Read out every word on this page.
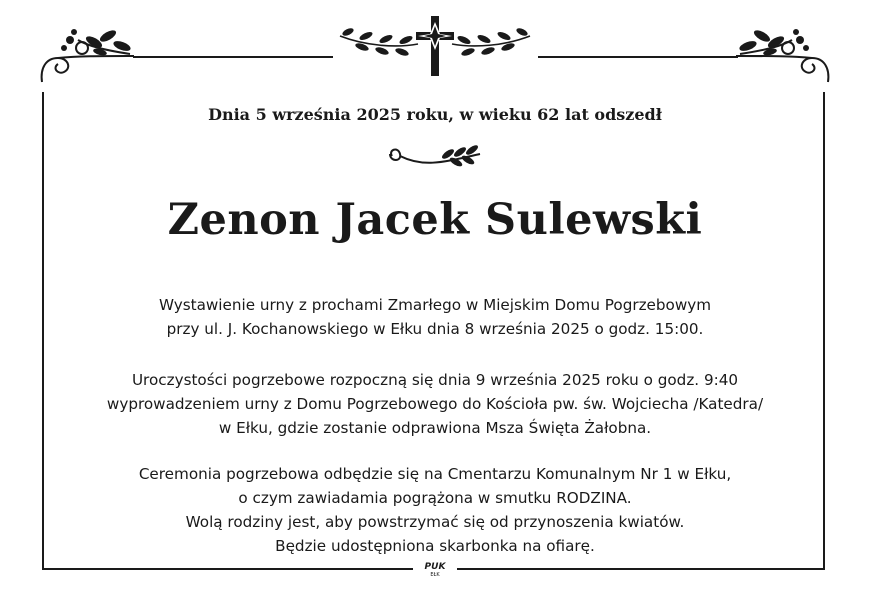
Dnia 5 września 2025 roku, w wieku 62 lat odszedł
Zenon Jacek Sulewski
Wystawienie urny z prochami Zmarłego w Miejskim Domu Pogrzebowym
przy ul. J. Kochanowskiego w Ełku dnia 8 września 2025 o godz. 15:00.
Uroczystości pogrzebowe rozpoczną się dnia 9 września 2025 roku o godz. 9:40
wyprowadzeniem urny z Domu Pogrzebowego do Kościoła pw. św. Wojciecha /Katedra/
w Ełku, gdzie zostanie odprawiona Msza Święta Żałobna.
Ceremonia pogrzebowa odbędzie się na Cmentarzu Komunalnym Nr 1 w Ełku,
o czym zawiadamia pogrążona w smutku RODZINA.
Wolą rodziny jest, aby powstrzymać się od przynoszenia kwiatów.
Będzie udostępniona skarbonka na ofiarę.
PUK
EŁK
